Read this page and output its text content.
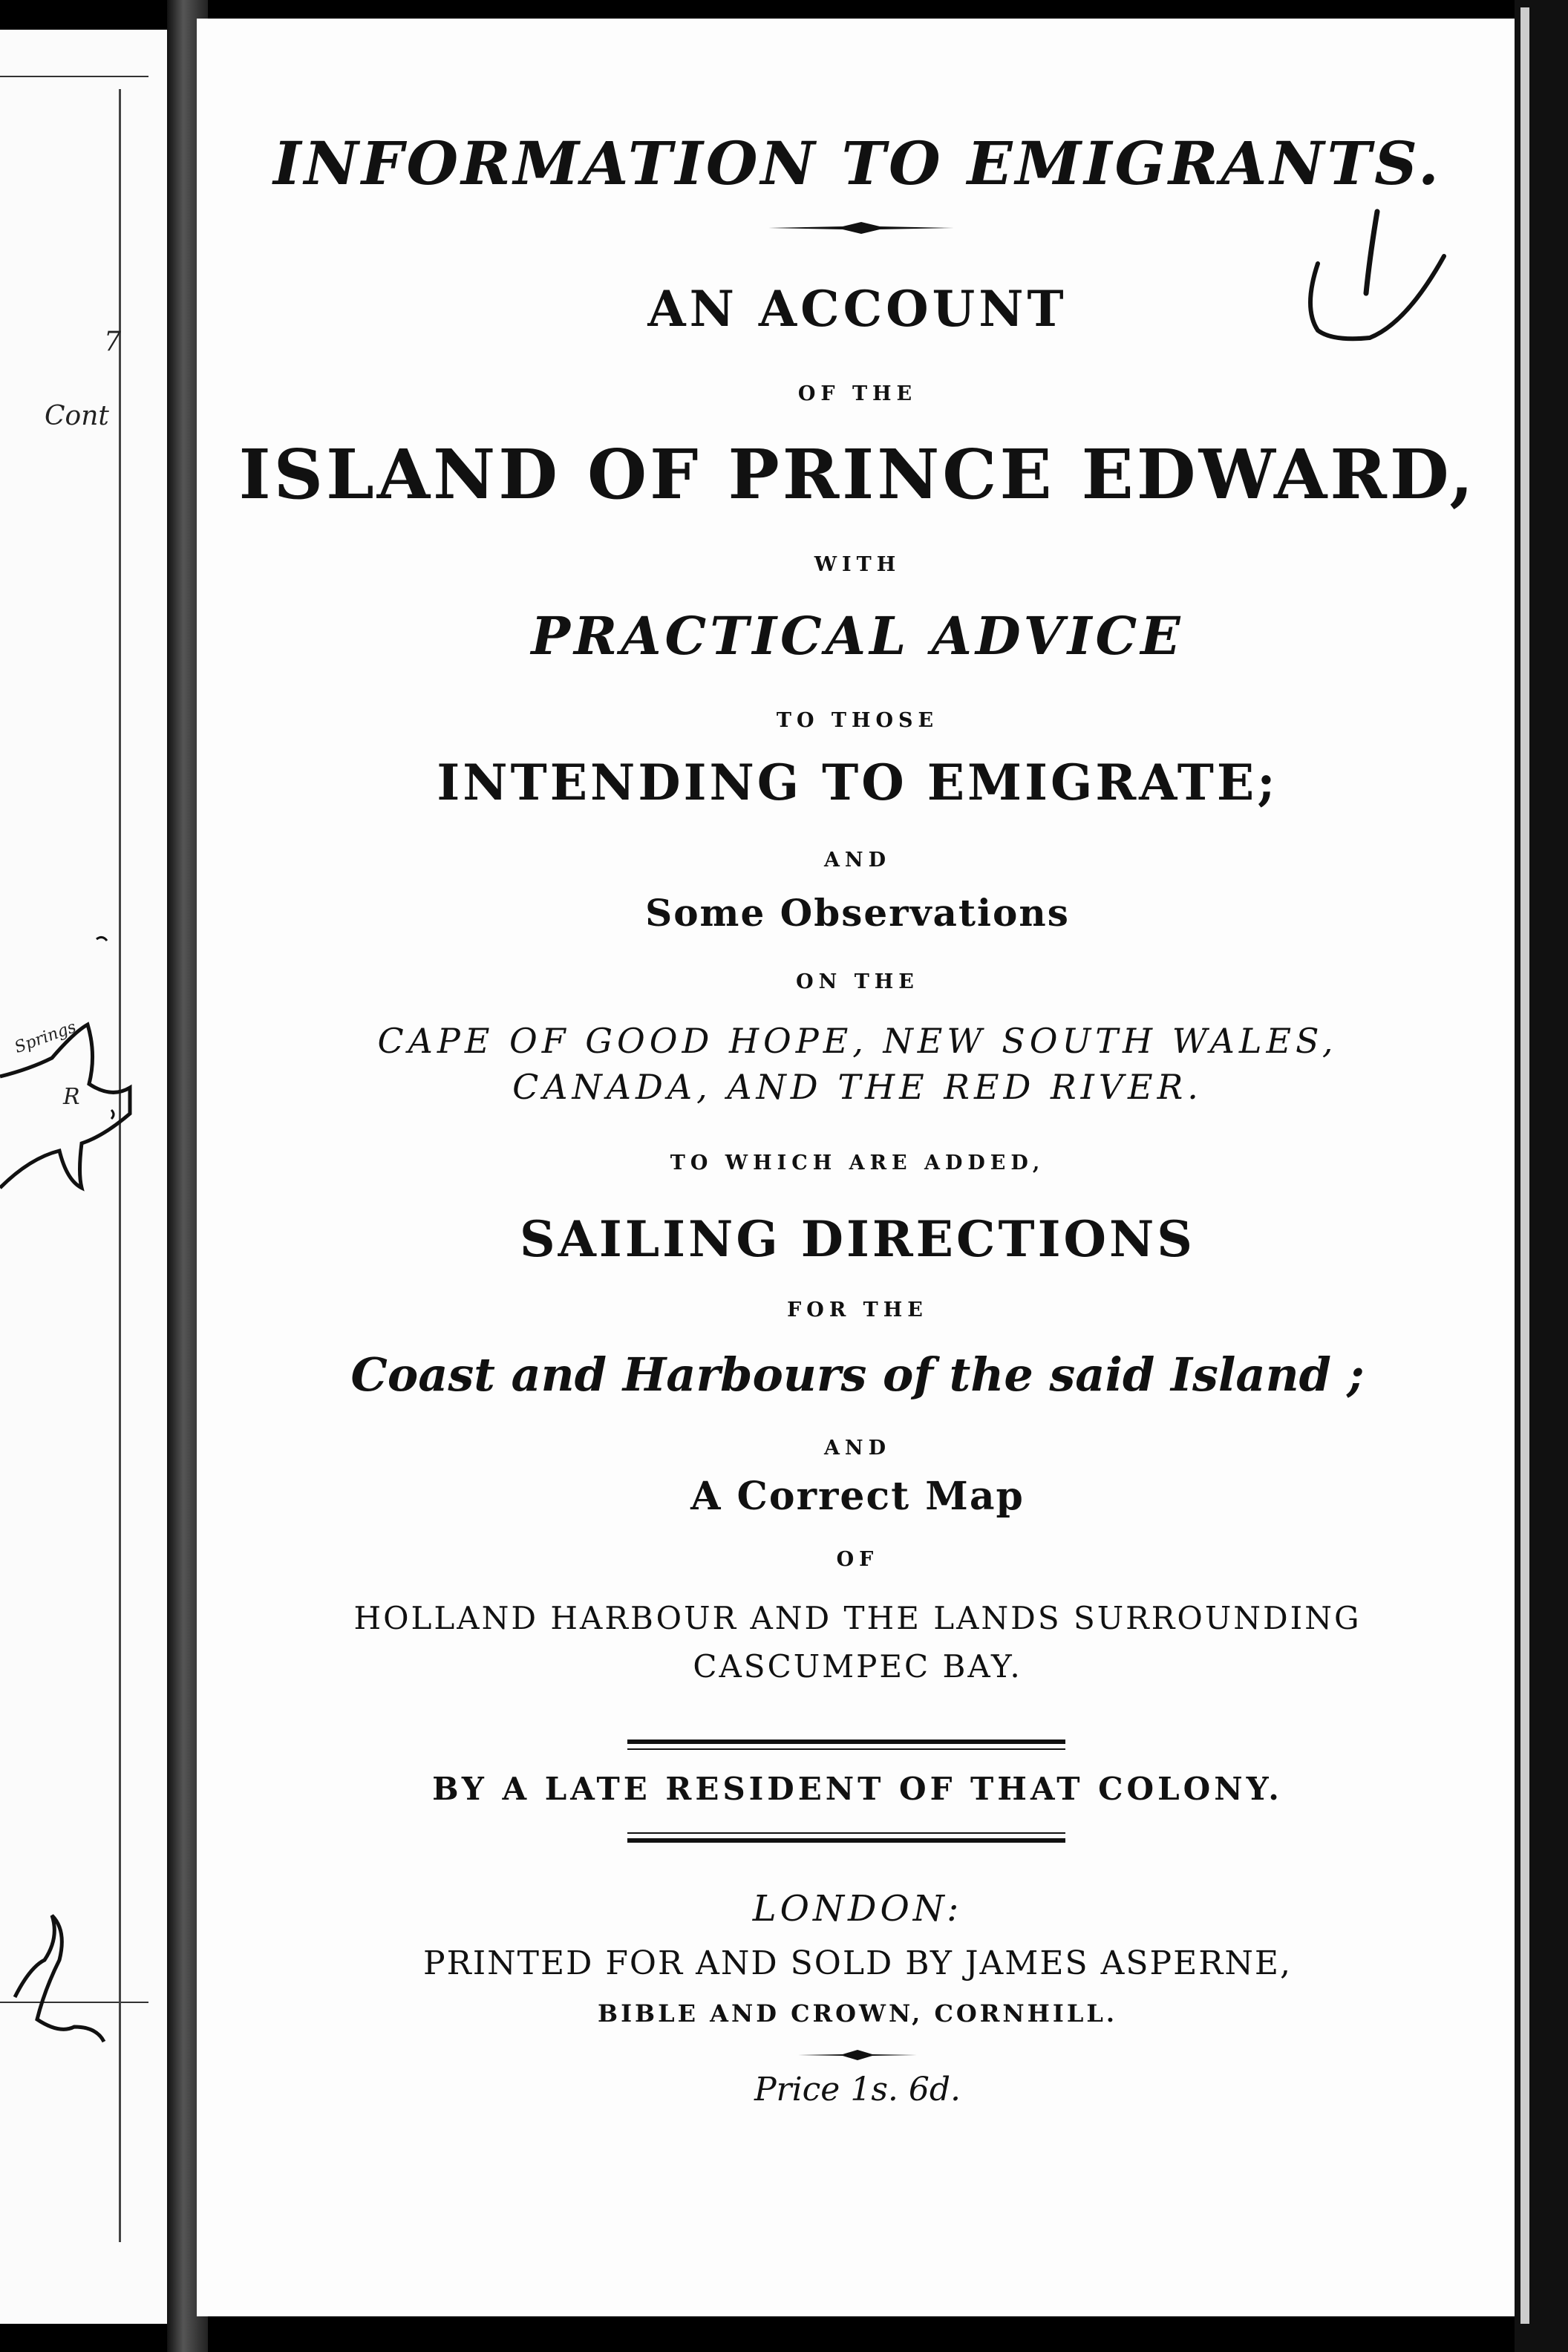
7
Cont
Springs
R
INFORMATION TO EMIGRANTS.
AN ACCOUNT
OF THE
ISLAND OF PRINCE EDWARD,
WITH
PRACTICAL ADVICE
TO THOSE
INTENDING TO EMIGRATE;
AND
Some Observations
ON THE
CAPE OF GOOD HOPE, NEW SOUTH WALES,
CANADA, AND THE RED RIVER.
TO WHICH ARE ADDED,
SAILING DIRECTIONS
FOR THE
Coast and Harbours of the said Island ;
AND
A Correct Map
OF
HOLLAND HARBOUR AND THE LANDS SURROUNDING
CASCUMPEC BAY.
BY A LATE RESIDENT OF THAT COLONY.
LONDON:
PRINTED FOR AND SOLD BY JAMES ASPERNE,
BIBLE AND CROWN, CORNHILL.
Price 1s. 6d.
